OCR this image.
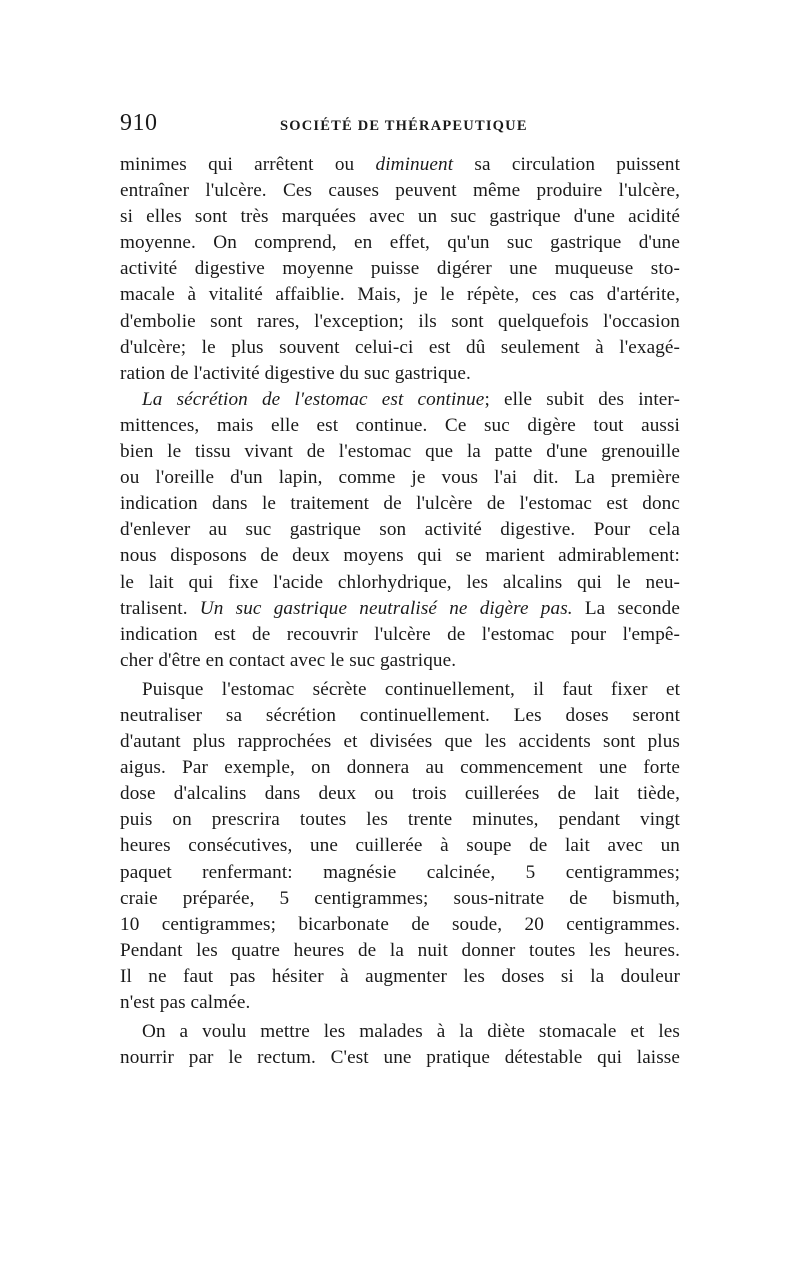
910	SOCIÉTÉ DE THÉRAPEUTIQUE
minimes qui arrêtent ou diminuent sa circulation puissent
entraîner l'ulcère. Ces causes peuvent même produire l'ulcère,
si elles sont très marquées avec un suc gastrique d'une acidité
moyenne. On comprend, en effet, qu'un suc gastrique d'une
activité digestive moyenne puisse digérer une muqueuse sto-
macale à vitalité affaiblie. Mais, je le répète, ces cas d'artérite,
d'embolie sont rares, l'exception; ils sont quelquefois l'occasion
d'ulcère; le plus souvent celui-ci est dû seulement à l'exagé-
ration de l'activité digestive du suc gastrique.
La sécrétion de l'estomac est continue; elle subit des inter-
mittences, mais elle est continue. Ce suc digère tout aussi
bien le tissu vivant de l'estomac que la patte d'une grenouille
ou l'oreille d'un lapin, comme je vous l'ai dit. La première
indication dans le traitement de l'ulcère de l'estomac est donc
d'enlever au suc gastrique son activité digestive. Pour cela
nous disposons de deux moyens qui se marient admirablement:
le lait qui fixe l'acide chlorhydrique, les alcalins qui le neu-
tralisent. Un suc gastrique neutralisé ne digère pas. La seconde
indication est de recouvrir l'ulcère de l'estomac pour l'empê-
cher d'être en contact avec le suc gastrique.
Puisque l'estomac sécrète continuellement, il faut fixer et
neutraliser sa sécrétion continuellement. Les doses seront
d'autant plus rapprochées et divisées que les accidents sont plus
aigus. Par exemple, on donnera au commencement une forte
dose d'alcalins dans deux ou trois cuillerées de lait tiède,
puis on prescrira toutes les trente minutes, pendant vingt
heures consécutives, une cuillerée à soupe de lait avec un
paquet renfermant: magnésie calcinée, 5 centigrammes;
craie préparée, 5 centigrammes; sous-nitrate de bismuth,
10 centigrammes; bicarbonate de soude, 20 centigrammes.
Pendant les quatre heures de la nuit donner toutes les heures.
Il ne faut pas hésiter à augmenter les doses si la douleur
n'est pas calmée.
On a voulu mettre les malades à la diète stomacale et les
nourrir par le rectum. C'est une pratique détestable qui laisse
